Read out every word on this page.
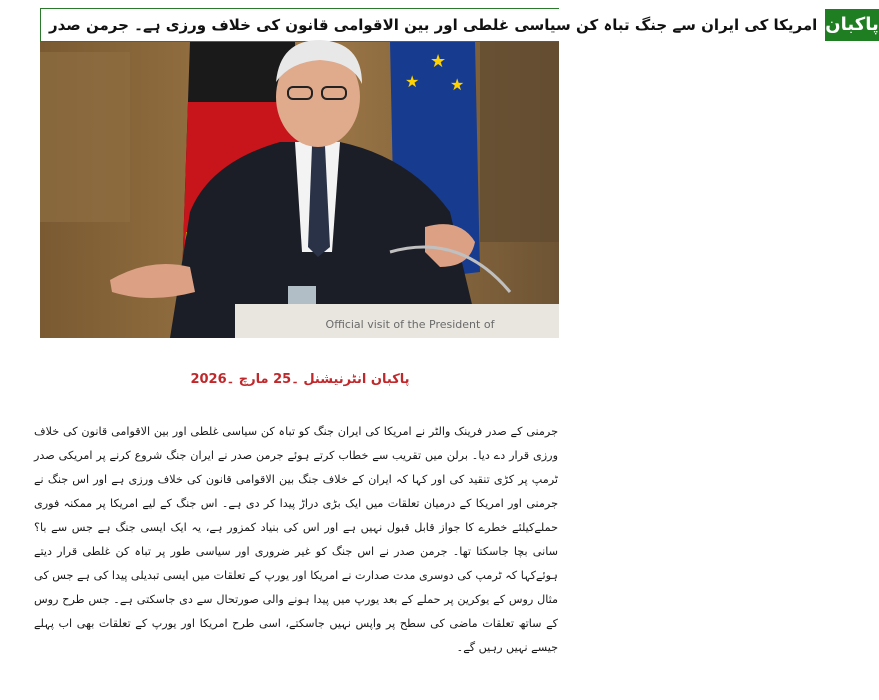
امریکا کی ایران سے جنگ تباہ کن سیاسی غلطی اور بین الاقوامی قانون کی خلاف ورزی ہے۔ جرمن صدر پاکبان
★
★ ★
Official visit of the President of
پاکبان انٹرنیشنل ۔25 مارچ ۔2026

جرمنی کے صدر فرینک والٹر نے امریکا کی ایران جنگ کو تباہ کن سیاسی غلطی اور بین الاقوامی قانون کی خلاف ورزی قرار دے دیا۔ برلن میں تقریب سے خطاب کرتے ہوئے جرمن صدر نے ایران جنگ شروع کرنے پر امریکی صدر ٹرمپ پر کڑی تنقید کی اور کہا کہ ایران کے خلاف جنگ بین الاقوامی قانون کی خلاف ورزی ہے اور اس جنگ نے جرمنی اور امریکا کے درمیان تعلقات میں ایک بڑی دراڑ پیدا کر دی ہے۔ اس جنگ کے لیے امریکا پر ممکنہ فوری حملےکیلئے خطرے کا جواز قابل قبول نہیں ہے اور اس کی بنیاد کمزور ہے، یہ ایک ایسی جنگ ہے جس سے با؟ سانی بچا جاسکتا تھا۔ جرمن صدر نے اس جنگ کو غیر ضروری اور سیاسی طور پر تباہ کن غلطی قرار دیتے ہوئےکہا کہ ٹرمپ کی دوسری مدت صدارت نے امریکا اور یورپ کے تعلقات میں ایسی تبدیلی پیدا کی ہے جس کی مثال روس کے یوکرین پر حملے کے بعد یورپ میں پیدا ہونے والی صورتحال سے دی جاسکتی ہے۔ جس طرح روس کے ساتھ تعلقات ماضی کی سطح پر واپس نہیں جاسکتے، اسی طرح امریکا اور یورپ کے تعلقات بھی اب پہلے جیسے نہیں رہیں گے۔
